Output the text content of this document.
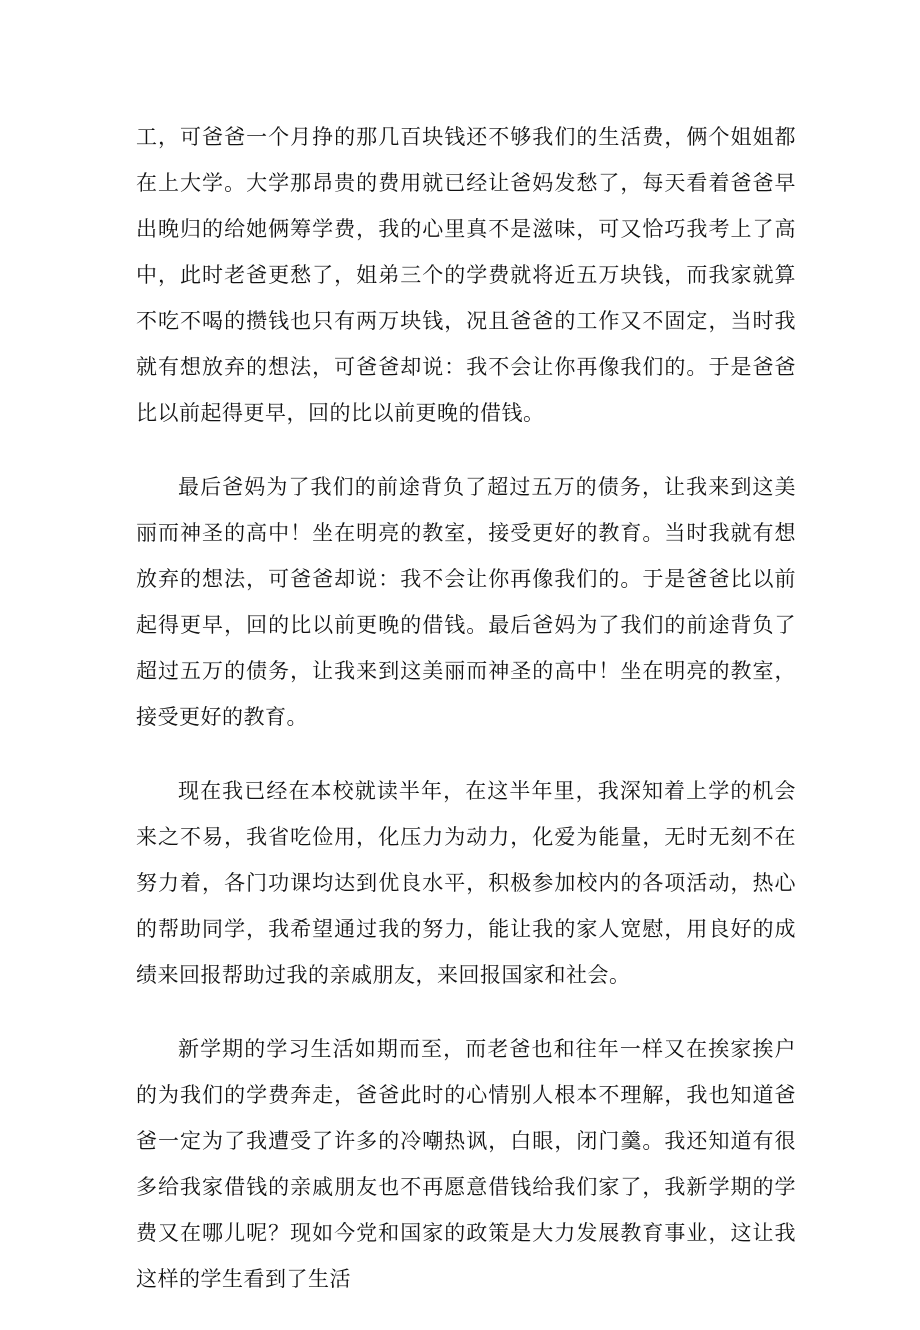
工，可爸爸一个月挣的那几百块钱还不够我们的生活费，俩个姐姐都在上大学。大学那昂贵的费用就已经让爸妈发愁了，每天看着爸爸早出晚归的给她俩筹学费，我的心里真不是滋味，可又恰巧我考上了高中，此时老爸更愁了，姐弟三个的学费就将近五万块钱，而我家就算不吃不喝的攒钱也只有两万块钱，况且爸爸的工作又不固定，当时我就有想放弃的想法，可爸爸却说：我不会让你再像我们的。于是爸爸比以前起得更早，回的比以前更晚的借钱。

最后爸妈为了我们的前途背负了超过五万的债务，让我来到这美丽而神圣的高中！坐在明亮的教室，接受更好的教育。当时我就有想放弃的想法，可爸爸却说：我不会让你再像我们的。于是爸爸比以前起得更早，回的比以前更晚的借钱。最后爸妈为了我们的前途背负了超过五万的债务，让我来到这美丽而神圣的高中！坐在明亮的教室，接受更好的教育。

现在我已经在本校就读半年，在这半年里，我深知着上学的机会来之不易，我省吃俭用，化压力为动力，化爱为能量，无时无刻不在努力着，各门功课均达到优良水平，积极参加校内的各项活动，热心的帮助同学，我希望通过我的努力，能让我的家人宽慰，用良好的成绩来回报帮助过我的亲戚朋友，来回报国家和社会。

新学期的学习生活如期而至，而老爸也和往年一样又在挨家挨户的为我们的学费奔走，爸爸此时的心情别人根本不理解，我也知道爸爸一定为了我遭受了许多的冷嘲热讽，白眼，闭门羹。我还知道有很多给我家借钱的亲戚朋友也不再愿意借钱给我们家了，我新学期的学费又在哪儿呢？现如今党和国家的政策是大力发展教育事业，这让我这样的学生看到了生活
